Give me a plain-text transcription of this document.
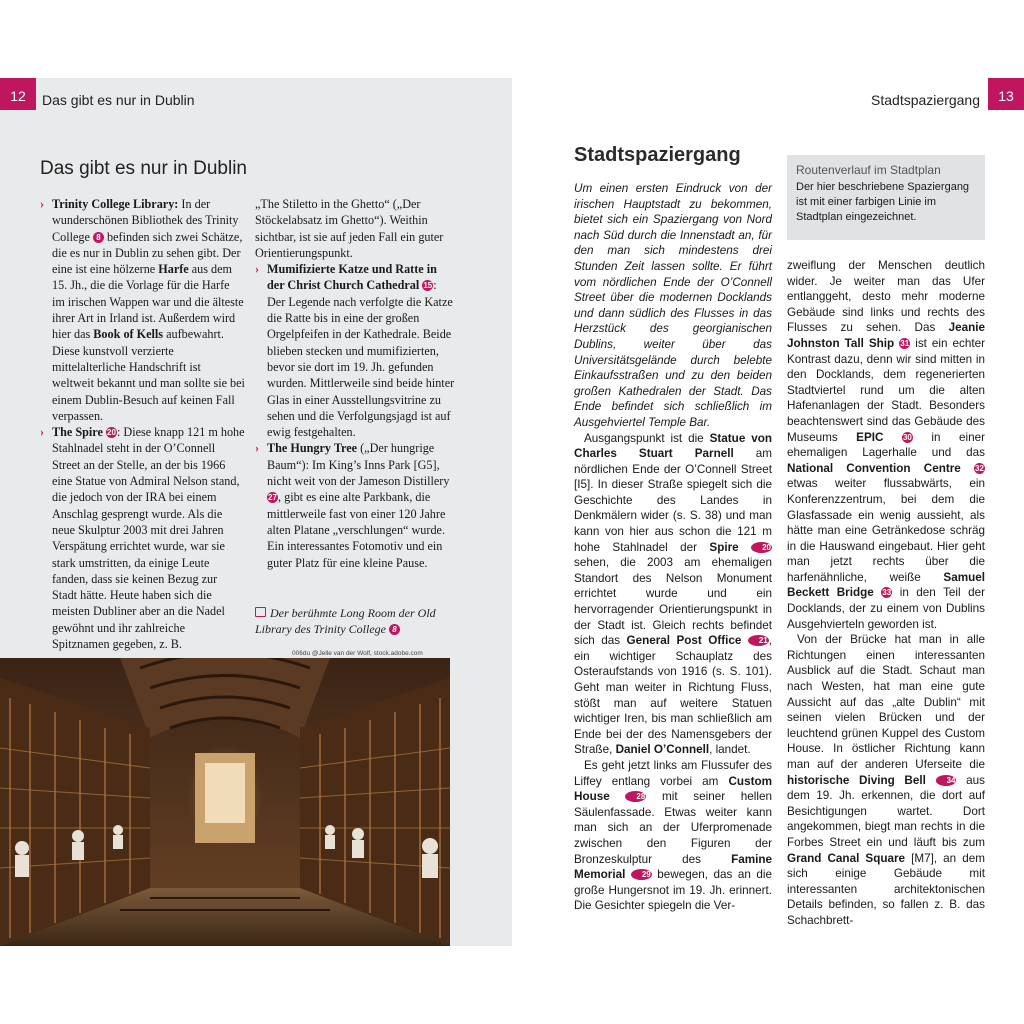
12	Das gibt es nur in Dublin
Das gibt es nur in Dublin

› Trinity College Library: In der wunderschönen Bibliothek des Trinity College 8 befinden sich zwei Schätze, die es nur in Dublin zu sehen gibt. Der eine ist eine hölzerne Harfe aus dem 15. Jh., die die Vorlage für die Harfe im irischen Wappen war und die älteste ihrer Art in Irland ist. Außerdem wird hier das Book of Kells aufbewahrt. Diese kunstvoll verzierte mittelalterliche Handschrift ist weltweit bekannt und man sollte sie bei einem Dublin-Besuch auf keinen Fall verpassen.

› The Spire 20: Diese knapp 121 m hohe Stahlnadel steht in der O’Connell Street an der Stelle, an der bis 1966 eine Statue von Admiral Nelson stand, die jedoch von der IRA bei einem Anschlag gesprengt wurde. Als die neue Skulptur 2003 mit drei Jahren Verspätung errichtet wurde, war sie stark umstritten, da einige Leute fanden, dass sie keinen Bezug zur Stadt hätte. Heute haben sich die meisten Dubliner aber an die Nadel gewöhnt und ihr zahlreiche Spitznamen gegeben, z. B.

„The Stiletto in the Ghetto“ („Der Stöckelabsatz im Ghetto“). Weithin sichtbar, ist sie auf jeden Fall ein guter Orientierungspunkt.

› Mumifizierte Katze und Ratte in der Christ Church Cathedral 15: Der Legende nach verfolgte die Katze die Ratte bis in eine der großen Orgelpfeifen in der Kathedrale. Beide blieben stecken und mumifizierten, bevor sie dort im 19. Jh. gefunden wurden. Mittlerweile sind beide hinter Glas in einer Ausstellungsvitrine zu sehen und die Verfolgungsjagd ist auf ewig festgehalten.

› The Hungry Tree („Der hungrige Baum“): Im King’s Inns Park [G5], nicht weit von der Jameson Distillery 27, gibt es eine alte Parkbank, die mittlerweile fast von einer 120 Jahre alten Platane „verschlungen“ wurde. Ein interessantes Fotomotiv und ein guter Platz für eine kleine Pause.

Der berühmte Long Room der Old Library des Trinity College 8
006du @Jelle van der Wolf, stock.adobe.com
13
Stadtspaziergang
Stadtspaziergang

Um einen ersten Eindruck von der irischen Hauptstadt zu bekommen, bietet sich ein Spaziergang von Nord nach Süd durch die Innenstadt an, für den man sich mindestens drei Stunden Zeit lassen sollte. Er führt vom nördlichen Ende der O’Connell Street über die modernen Docklands und dann südlich des Flusses in das Herzstück des georgianischen Dublins, weiter über das Universitätsgelände durch belebte Einkaufsstraßen und zu den beiden großen Kathedralen der Stadt. Das Ende befindet sich schließlich im Ausgehviertel Temple Bar.

Ausgangspunkt ist die Statue von Charles Stuart Parnell am nördlichen Ende der O’Connell Street [I5]. In dieser Straße spiegelt sich die Geschichte des Landes in Denkmälern wider (s. S. 38) und man kann von hier aus schon die 121 m hohe Stahlnadel der Spire	20 sehen, die 2003 am ehemaligen Standort des Nelson Monument errichtet wurde und ein hervorragender Orientierungspunkt in der Stadt ist. Gleich rechts befindet sich das General Post Office 21, ein wichtiger Schauplatz des Osteraufstands von 1916 (s. S. 101). Geht man weiter in Richtung Fluss, stößt man auf weitere Statuen wichtiger Iren, bis man schließlich am Ende bei der des Namensgebers der Straße, Daniel O’Connell, landet.

Es geht jetzt links am Flussufer des Liffey entlang vorbei am Custom House	28 mit seiner hellen Säulenfassade. Etwas weiter kann man sich an der Uferpromenade zwischen den Figuren der Bronzeskulptur des Famine Memorial 29 bewegen, das an die große Hungersnot im 19. Jh. erinnert. Die Gesichter spiegeln die Ver-

Routenverlauf im Stadtplan
Der hier beschriebene Spaziergang ist mit einer farbigen Linie im Stadtplan eingezeichnet.

zweiflung der Menschen deutlich wider. Je weiter man das Ufer entlanggeht, desto mehr moderne Gebäude sind links und rechts des Flusses zu sehen. Das Jeanie Johnston Tall Ship 31 ist ein echter Kontrast dazu, denn wir sind mitten in den Docklands, dem regenerierten Stadtviertel rund um die alten Hafenanlagen der Stadt. Besonders beachtenswert sind das Gebäude des Museums EPIC 30 in einer ehemaligen Lagerhalle und das National Convention Centre 32 etwas weiter flussabwärts, ein Konferenzzentrum, bei dem die Glasfassade ein wenig aussieht, als hätte man eine Getränkedose schräg in die Hauswand eingebaut. Hier geht man jetzt rechts über die harfenähnliche, weiße Samuel Beckett Bridge 33 in den Teil der Docklands, der zu einem von Dublins Ausgehvierteln geworden ist.

Von der Brücke hat man in alle Richtungen einen interessanten Ausblick auf die Stadt. Schaut man nach Westen, hat man eine gute Aussicht auf das „alte Dublin“ mit seinen vielen Brücken und der leuchtend grünen Kuppel des Custom House. In östlicher Richtung kann man auf der anderen Uferseite die historische Diving Bell	34 aus dem 19. Jh. erkennen, die dort auf Besichtigungen wartet. Dort angekommen, biegt man rechts in die Forbes Street ein und läuft bis zum Grand Canal Square [M7], an dem sich einige Gebäude mit interessanten architektonischen Details befinden, so fallen z. B. das Schachbrett-
